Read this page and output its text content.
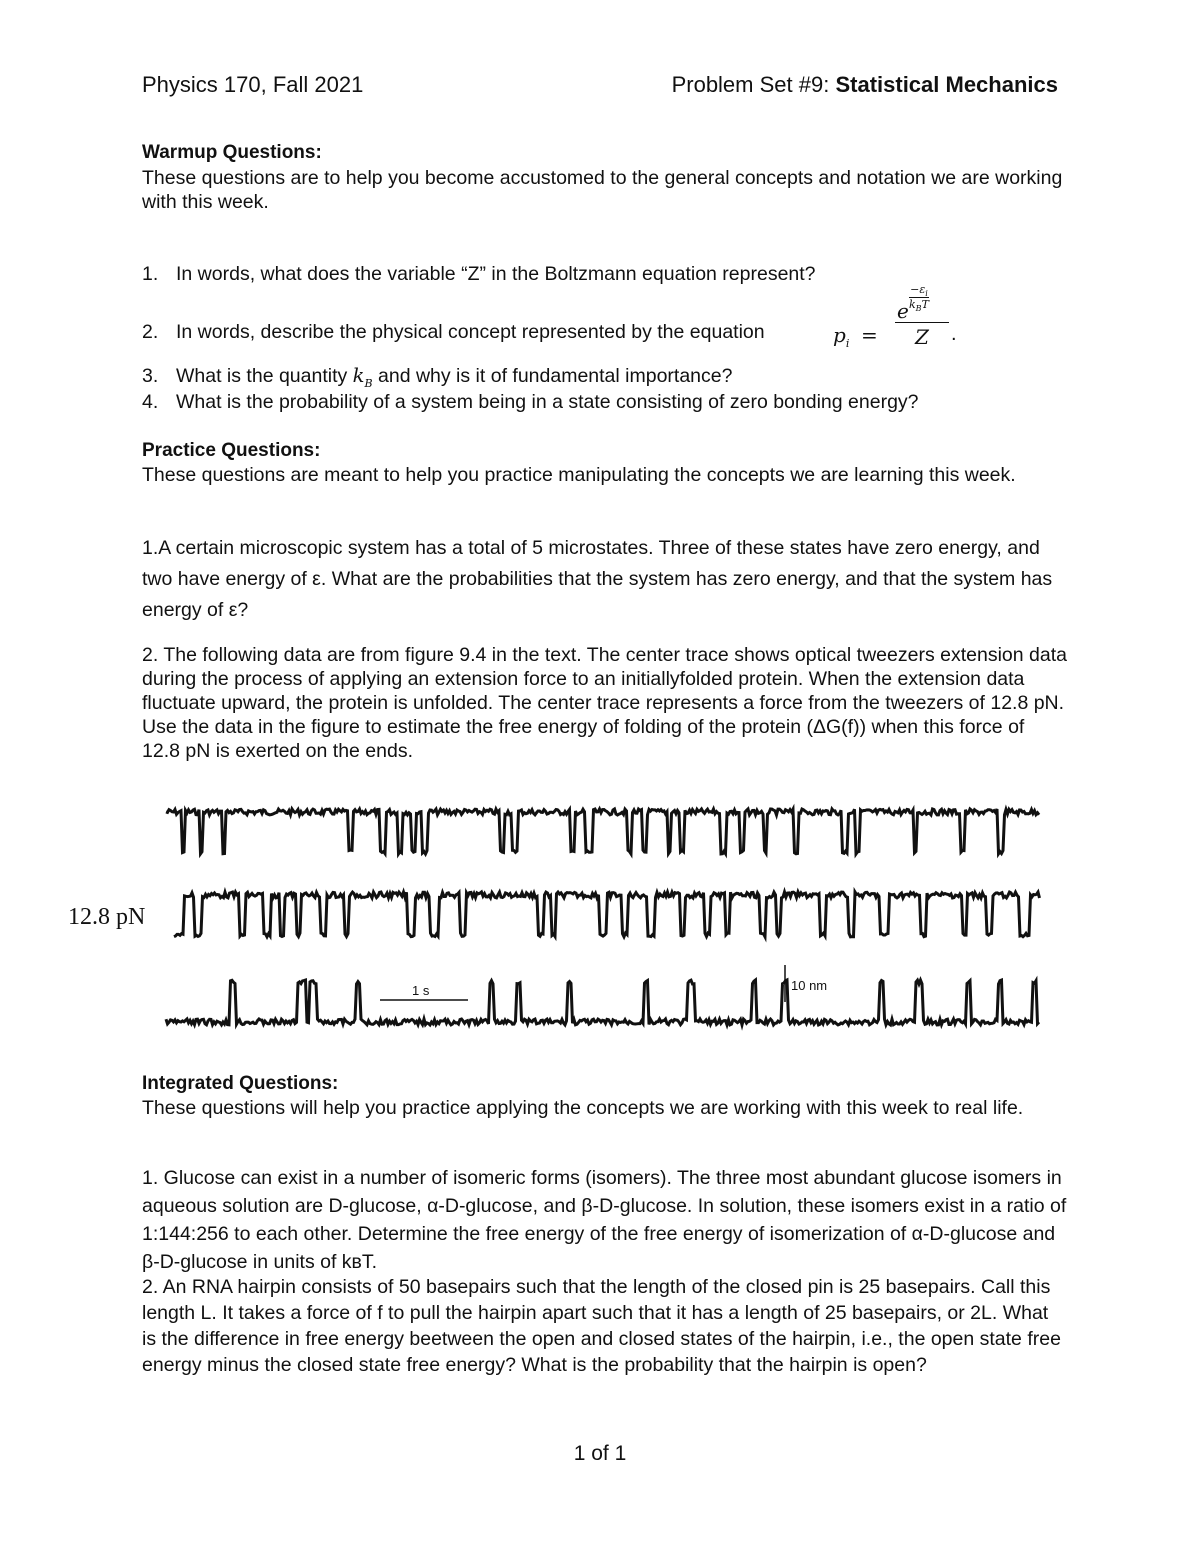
Physics 170, Fall 2021	Problem Set #9: Statistical Mechanics
Warmup Questions:
These questions are to help you become accustomed to the general concepts and notation we are working with this week.
1. In words, what does the variable “Z” in the Boltzmann equation represent?
2. In words, describe the physical concept represented by the equation	$p_i$ =
e
$-\varepsilon_i$
$k_BT$
Z	.
3. What is the quantity $k_B$ and why is it of fundamental importance?
4. What is the probability of a system being in a state consisting of zero bonding energy?
Practice Questions:
These questions are meant to help you practice manipulating the concepts we are learning this week.
1.A certain microscopic system has a total of 5 microstates. Three of these states have zero energy, and two have energy of ε. What are the probabilities that the system has zero energy, and that the system has energy of ε?
2. The following data are from figure 9.4 in the text. The center trace shows optical tweezers extension data during the process of applying an extension force to an initiallyfolded protein. When the extension data fluctuate upward, the protein is unfolded. The center trace represents a force from the tweezers of 12.8 pN. Use the data in the figure to estimate the free energy of folding of the protein (ΔG(f)) when this force of 12.8 pN is exerted on the ends.
12.8 pN
1 s	10 nm
Integrated Questions:
These questions will help you practice applying the concepts we are working with this week to real life.
1. Glucose can exist in a number of isomeric forms (isomers). The three most abundant glucose isomers in aqueous solution are D-glucose, α-D-glucose, and β-D-glucose. In solution, these isomers exist in a ratio of 1:144:256 to each other. Determine the free energy of the free energy of isomerization of α-D-glucose and β-D-glucose in units of kʙT.
2. An RNA hairpin consists of 50 basepairs such that the length of the closed pin is 25 basepairs. Call this length L. It takes a force of f to pull the hairpin apart such that it has a length of 25 basepairs, or 2L. What is the difference in free energy beetween the open and closed states of the hairpin, i.e., the open state free energy minus the closed state free energy? What is the probability that the hairpin is open?
1 of 1
